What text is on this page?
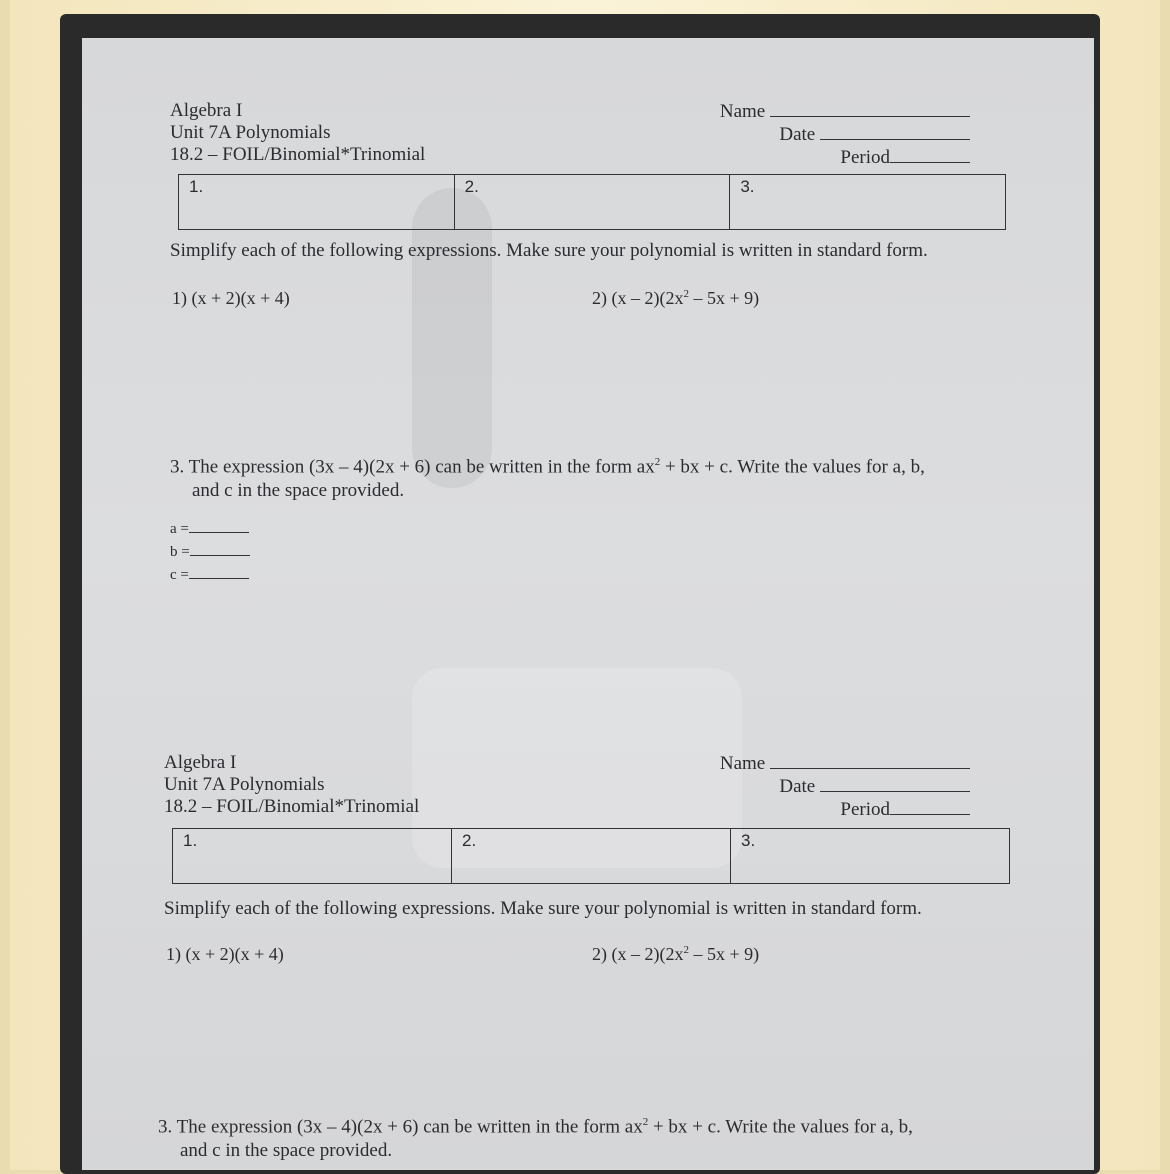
Algebra I
Unit 7A Polynomials
18.2 – FOIL/Binomial*Trinomial
Name
Date
Period
1.	2.	3.
Simplify each of the following expressions. Make sure your polynomial is written in standard form.
1) (x + 2)(x + 4)	2) $(x - 2)(2x^2 - 5x + 9)$
3. The expression (3x – 4)(2x + 6) can be written in the form $ax^2$ + bx + c. Write the values for a, b,
and c in the space provided.
a =
b =
c =
Algebra I
Unit 7A Polynomials
18.2 – FOIL/Binomial*Trinomial
Name
Date
Period
1.	2.	3.
Simplify each of the following expressions. Make sure your polynomial is written in standard form.
1) (x + 2)(x + 4)	2) $(x - 2)(2x^2 - 5x + 9)$
3. The expression (3x – 4)(2x + 6) can be written in the form $ax^2$ + bx + c. Write the values for a, b,
and c in the space provided.
